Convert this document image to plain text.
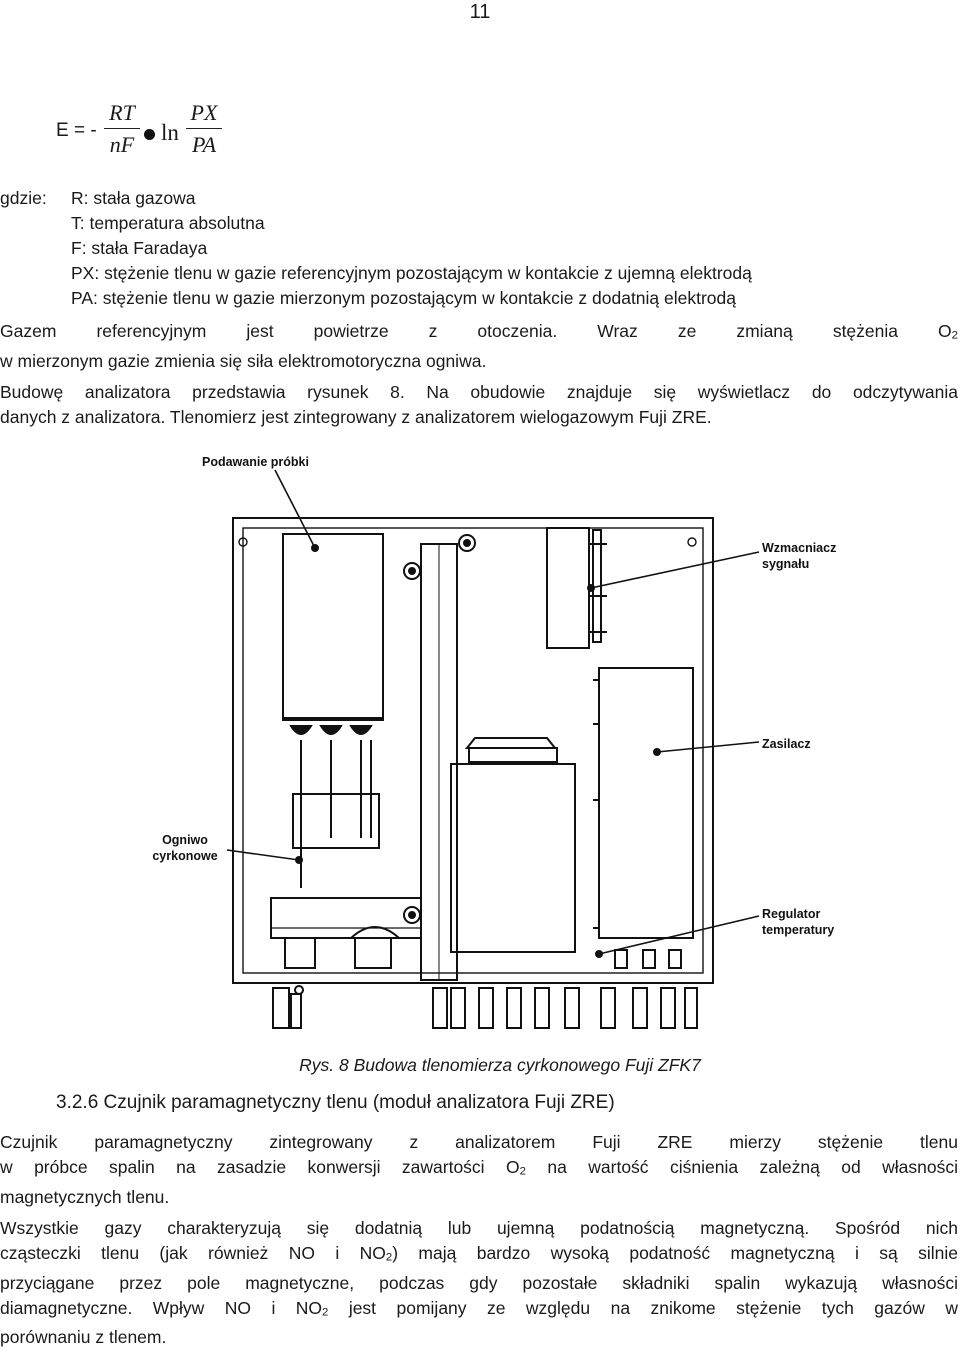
11
E = -
RT
nF ln
PX
PA
gdzie: R: stała gazowa
T: temperatura absolutna
F: stała Faradaya
PX: stężenie tlenu w gazie referencyjnym pozostającym w kontakcie z ujemną elektrodą
PA: stężenie tlenu w gazie mierzonym pozostającym w kontakcie z dodatnią elektrodą
Gazem referencyjnym jest powietrze z otoczenia. Wraz ze zmianą stężenia $O_2$
w mierzonym gazie zmienia się siła elektromotoryczna ogniwa.
Budowę analizatora przedstawia rysunek 8. Na obudowie znajduje się wyświetlacz do odczytywania
danych z analizatora. Tlenomierz jest zintegrowany z analizatorem wielogazowym Fuji ZRE.
Podawanie próbki
Wzmacniacz
sygnału
Zasilacz
Ogniwo
cyrkonowe
Regulator
temperatury
Rys. 8 Budowa tlenomierza cyrkonowego Fuji ZFK7
3.2.6 Czujnik paramagnetyczny tlenu (moduł analizatora Fuji ZRE)
Czujnik paramagnetyczny zintegrowany z analizatorem Fuji ZRE mierzy stężenie tlenu
w próbce spalin na zasadzie konwersji zawartości $O_2$ na wartość ciśnienia zależną od własności
magnetycznych tlenu.
Wszystkie gazy charakteryzują się dodatnią lub ujemną podatnością magnetyczną. Spośród nich
cząsteczki tlenu (jak również NO i $NO_2$) mają bardzo wysoką podatność magnetyczną i są silnie
przyciągane przez pole magnetyczne, podczas gdy pozostałe składniki spalin wykazują własności
diamagnetyczne. Wpływ NO i $NO_2$ jest pomijany ze względu na znikome stężenie tych gazów w
porównaniu z tlenem.
